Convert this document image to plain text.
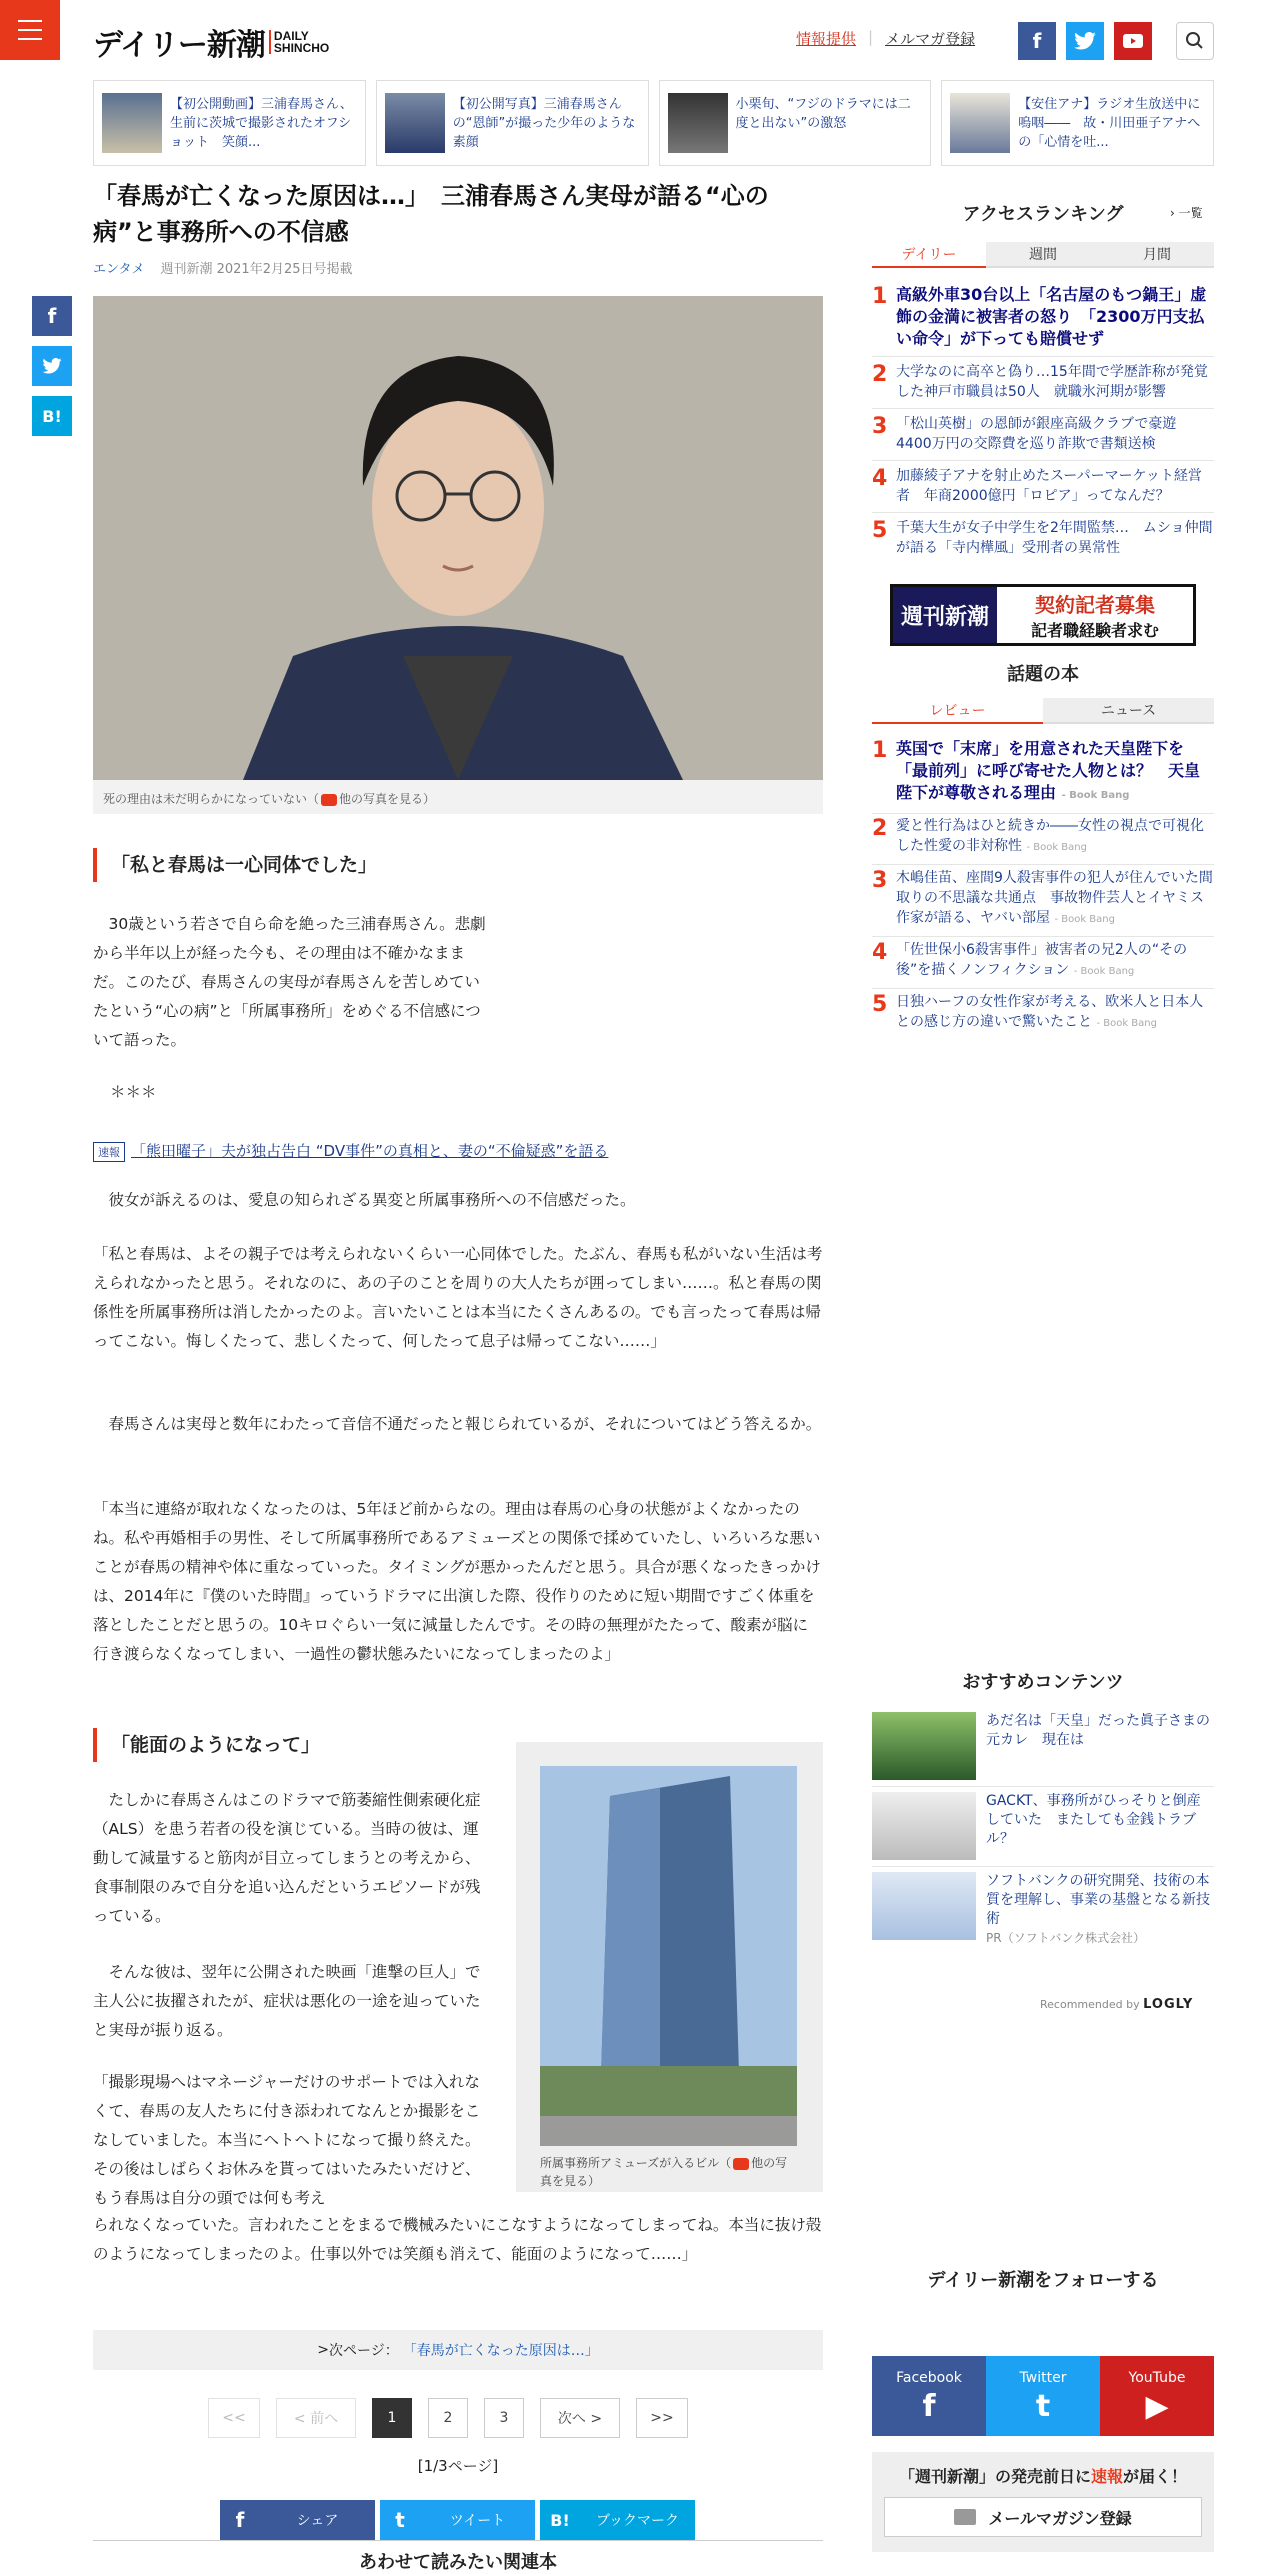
デイリー新潮 DAILY
SHINCHO	情報提供 | メルマガ登録	f
【初公開動画】三浦春馬さん、生前に茨城で撮影されたオフショット　笑顔...
【初公開写真】三浦春馬さんの“恩師”が撮った少年のような素顔
小栗旬、“フジのドラマには二度と出ない”の激怒
【安住アナ】ラジオ生放送中に嗚咽――　故・川田亜子アナへの「心情を吐...
「春馬が亡くなった原因は…」　三浦春馬さん実母が語る“心の病”と事務所への不信感
エンタメ 週刊新潮 2021年2月25日号掲載
f
B!
死の理由は未だ明らかになっていない（ 他の写真を見る）
「私と春馬は一心同体でした」

　30歳という若さで自ら命を絶った三浦春馬さん。悲劇から半年以上が経った今も、その理由は不確かなままだ。このたび、春馬さんの実母が春馬さんを苦しめていたという“心の病”と「所属事務所」をめぐる不信感について語った。

＊＊＊

速報 「熊田曜子」夫が独占告白 “DV事件”の真相と、妻の“不倫疑惑”を語る

　彼女が訴えるのは、愛息の知られざる異変と所属事務所への不信感だった。

「私と春馬は、よその親子では考えられないくらい一心同体でした。たぶん、春馬も私がいない生活は考えられなかったと思う。それなのに、あの子のことを周りの大人たちが囲ってしまい……。私と春馬の関係性を所属事務所は消したかったのよ。言いたいことは本当にたくさんあるの。でも言ったって春馬は帰ってこない。悔しくたって、悲しくたって、何したって息子は帰ってこない……」

　春馬さんは実母と数年にわたって音信不通だったと報じられているが、それについてはどう答えるか。

「本当に連絡が取れなくなったのは、5年ほど前からなの。理由は春馬の心身の状態がよくなかったのね。私や再婚相手の男性、そして所属事務所であるアミューズとの関係で揉めていたし、いろいろな悪いことが春馬の精神や体に重なっていった。タイミングが悪かったんだと思う。具合が悪くなったきっかけは、2014年に『僕のいた時間』っていうドラマに出演した際、役作りのために短い期間ですごく体重を落としたことだと思うの。10キロぐらい一気に減量したんです。その時の無理がたたって、酸素が脳に行き渡らなくなってしまい、一過性の鬱状態みたいになってしまったのよ」

「能面のようになって」
所属事務所アミューズが入るビル（ 他の写真を見る）

　たしかに春馬さんはこのドラマで筋萎縮性側索硬化症（ALS）を患う若者の役を演じている。当時の彼は、運動して減量すると筋肉が目立ってしまうとの考えから、食事制限のみで自分を追い込んだというエピソードが残っている。

　そんな彼は、翌年に公開された映画「進撃の巨人」で主人公に抜擢されたが、症状は悪化の一途を辿っていたと実母が振り返る。

「撮影現場へはマネージャーだけのサポートでは入れなくて、春馬の友人たちに付き添われてなんとか撮影をこなしていました。本当にヘトヘトになって撮り終えた。その後はしばらくお休みを貰ってはいたみたいだけど、もう春馬は自分の頭では何も考え

られなくなっていた。言われたことをまるで機械みたいにこなすようになってしまってね。本当に抜け殻のようになってしまったのよ。仕事以外では笑顔も消えて、能面のようになって……」

> 次ページ： 「春馬が亡くなった原因は…」
<<	< 前へ	1	2	3	次へ >	>>
[1/3ページ]
f	シェア	t	ツイート	B!	ブックマーク
あわせて読みたい関連本
アクセスランキング	› 一覧
デイリー	週間	月間
1 高級外車30台以上「名古屋のもつ鍋王」虚飾の金満に被害者の怒り　「2300万円支払い命令」が下っても賠償せず
2 大学なのに高卒と偽り…15年間で学歴詐称が発覚した神戸市職員は50人　就職氷河期が影響
3 「松山英樹」の恩師が銀座高級クラブで豪遊 4400万円の交際費を巡り詐欺で書類送検
4 加藤綾子アナを射止めたスーパーマーケット経営者　年商2000億円「ロピア」ってなんだ？
5 千葉大生が女子中学生を2年間監禁…　ムショ仲間が語る「寺内樺風」受刑者の異常性
週刊新潮	契約記者募集
記者職経験者求む
話題の本
レビュー	ニュース
1 英国で「末席」を用意された天皇陛下を「最前列」に呼び寄せた人物とは？　天皇陛下が尊敬される理由 - Book Bang
2 愛と性行為はひと続きか――女性の視点で可視化した性愛の非対称性 - Book Bang
3 木嶋佳苗、座間9人殺害事件の犯人が住んでいた間取りの不思議な共通点　事故物件芸人とイヤミス作家が語る、ヤバい部屋 - Book Bang
4 「佐世保小6殺害事件」被害者の兄2人の“その後”を描くノンフィクション - Book Bang
5 日独ハーフの女性作家が考える、欧米人と日本人との感じ方の違いで驚いたこと - Book Bang
おすすめコンテンツ
あだ名は「天皇」だった眞子さまの元カレ　現在は
GACKT、事務所がひっそりと倒産していた　またしても金銭トラブル？
ソフトバンクの研究開発、技術の本質を理解し、事業の基盤となる新技術
PR（ソフトバンク株式会社）
Recommended by LOGLY
デイリー新潮をフォローする
Facebook
f
Twitter
t
YouTube
▶
「週刊新潮」の発売前日に速報が届く！
メールマガジン登録
